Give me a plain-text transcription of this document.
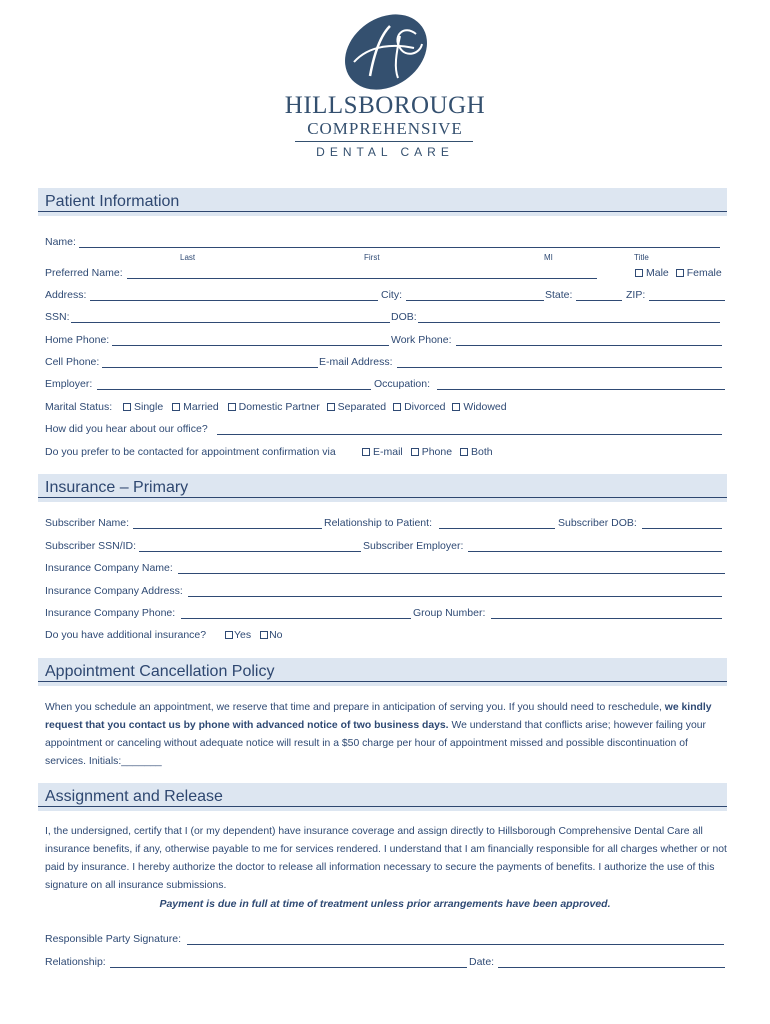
HILLSBOROUGH
COMPREHENSIVE
DENTAL CARE
Patient Information
Name:
Last	First	MI	Title
Preferred Name:	Male Female
Address:	City:	State:	ZIP:
SSN:	DOB:
Home Phone:	Work Phone:
Cell Phone:	E-mail Address:
Employer:	Occupation:
Marital Status:	Single Married Domestic Partner Separated Divorced Widowed
How did you hear about our office?
Do you prefer to be contacted for appointment confirmation via	E-mail Phone Both
Insurance – Primary
Subscriber Name:	Relationship to Patient:	Subscriber DOB:
Subscriber SSN/ID:	Subscriber Employer:
Insurance Company Name:
Insurance Company Address:
Insurance Company Phone:	Group Number:
Do you have additional insurance?	Yes No
Appointment Cancellation Policy
When you schedule an appointment, we reserve that time and prepare in anticipation of serving you. If you should need to reschedule, we kindly request that you contact us by phone with advanced notice of two business days. We understand that conflicts arise; however failing your appointment or canceling without adequate notice will result in a $50 charge per hour of appointment missed and possible discontinuation of services. Initials:_______
Assignment and Release
I, the undersigned, certify that I (or my dependent) have insurance coverage and assign directly to Hillsborough Comprehensive Dental Care all insurance benefits, if any, otherwise payable to me for services rendered. I understand that I am financially responsible for all charges whether or not paid by insurance. I hereby authorize the doctor to release all information necessary to secure the payments of benefits. I authorize the use of this signature on all insurance submissions.
Payment is due in full at time of treatment unless prior arrangements have been approved.
Responsible Party Signature:
Relationship:	Date:
